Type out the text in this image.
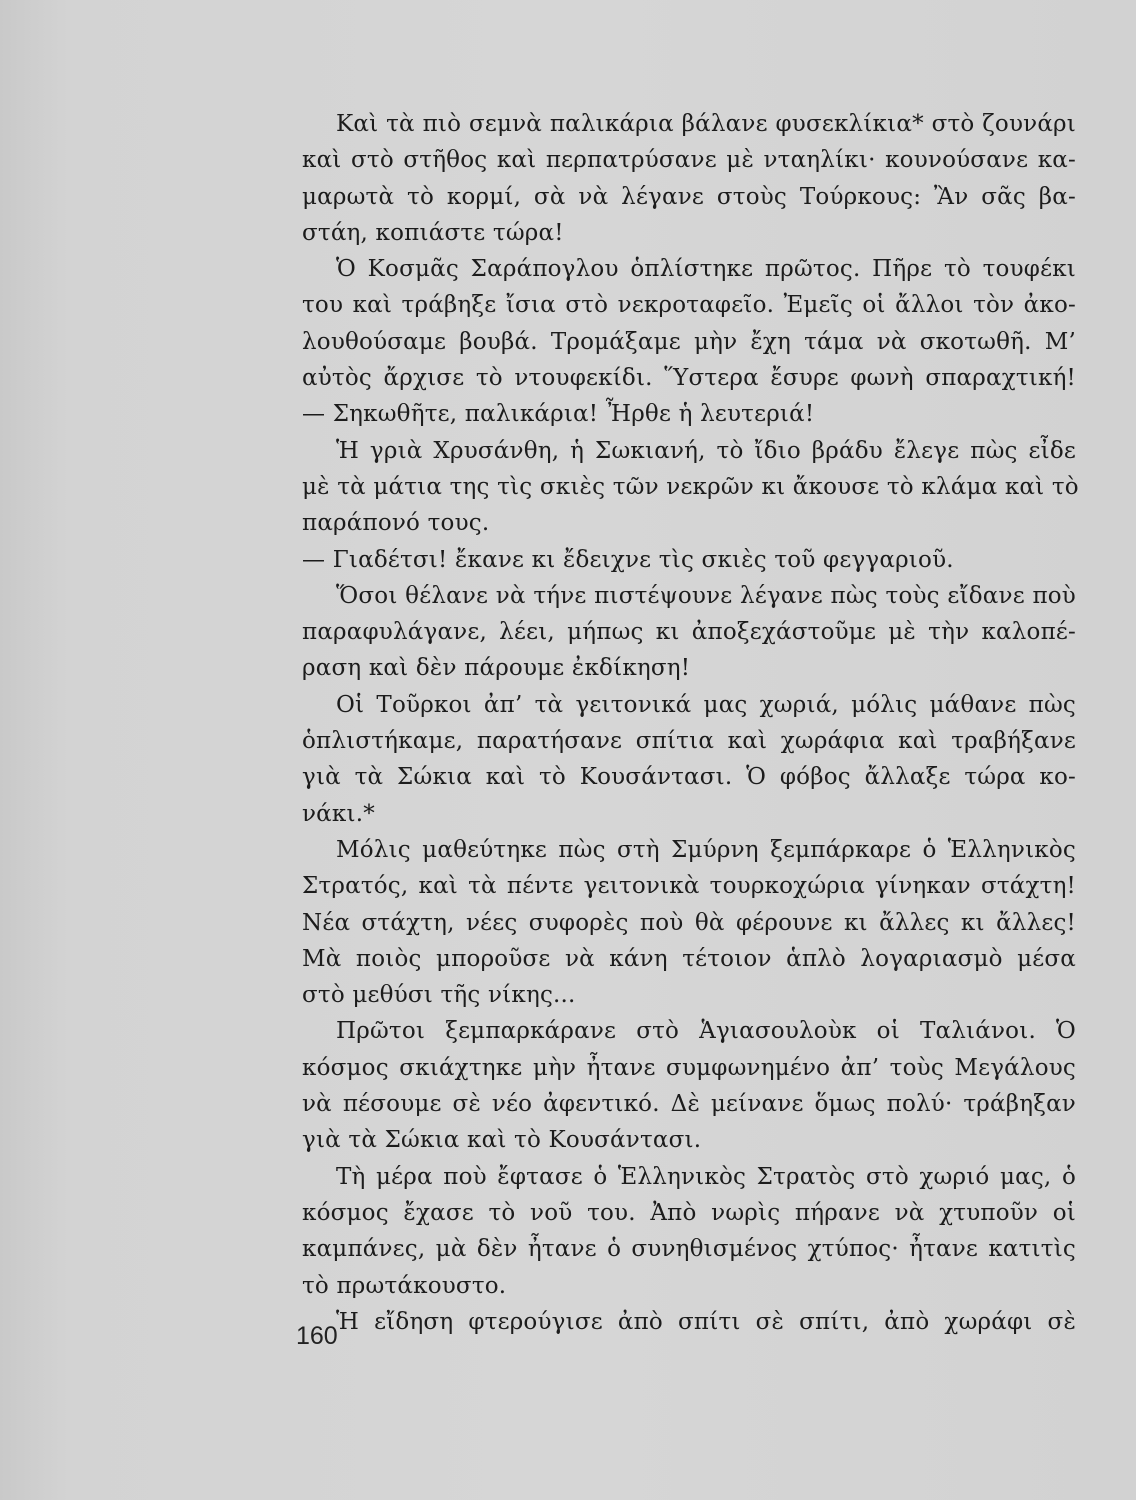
Καὶ τὰ πιὸ σεμνὰ παλικάρια βάλανε φυσεκλίκια* στὸ ζουνάρι
καὶ στὸ στῆθος καὶ περπατρύσανε μὲ νταηλίκι· κουνούσανε κα-
μαρωτὰ τὸ κορμί, σὰ νὰ λέγανε στοὺς Τούρκους: Ἂν σᾶς βα-
στάη, κοπιάστε τώρα!
Ὁ Κοσμᾶς Σαράπογλου ὁπλίστηκε πρῶτος. Πῆρε τὸ τουφέκι
του καὶ τράβηξε ἴσια στὸ νεκροταφεῖο. Ἐμεῖς οἱ ἄλλοι τὸν ἀκο-
λουθούσαμε βουβά. Τρομάξαμε μὴν ἔχη τάμα νὰ σκοτωθῆ. Μ’
αὐτὸς ἄρχισε τὸ ντουφεκίδι. Ὕστερα ἔσυρε φωνὴ σπαραχτική!
— Σηκωθῆτε, παλικάρια! Ἦρθε ἡ λευτεριά!
Ἡ γριὰ Χρυσάνθη, ἡ Σωκιανή, τὸ ἴδιο βράδυ ἔλεγε πὼς εἶδε
μὲ τὰ μάτια της τὶς σκιὲς τῶν νεκρῶν κι ἄκουσε τὸ κλάμα καὶ τὸ
παράπονό τους.
— Γιαδέτσι! ἔκανε κι ἔδειχνε τὶς σκιὲς τοῦ φεγγαριοῦ.
Ὅσοι θέλανε νὰ τήνε πιστέψουνε λέγανε πὼς τοὺς εἴδανε ποὺ
παραφυλάγανε, λέει, μήπως κι ἀποξεχάστοῦμε μὲ τὴν καλοπέ-
ραση καὶ δὲν πάρουμε ἐκδίκηση!
Οἱ Τοῦρκοι ἀπ’ τὰ γειτονικά μας χωριά, μόλις μάθανε πὼς
ὁπλιστήκαμε, παρατήσανε σπίτια καὶ χωράφια καὶ τραβήξανε
γιὰ τὰ Σώκια καὶ τὸ Κουσάντασι. Ὁ φόβος ἄλλαξε τώρα κο-
νάκι.*
Μόλις μαθεύτηκε πὼς στὴ Σμύρνη ξεμπάρκαρε ὁ Ἑλληνικὸς
Στρατός, καὶ τὰ πέντε γειτονικὰ τουρκοχώρια γίνηκαν στάχτη!
Νέα στάχτη, νέες συφορὲς ποὺ θὰ φέρουνε κι ἄλλες κι ἄλλες!
Μὰ ποιὸς μποροῦσε νὰ κάνη τέτοιον ἁπλὸ λογαριασμὸ μέσα
στὸ μεθύσι τῆς νίκης...
Πρῶτοι ξεμπαρκάρανε στὸ Ἁγιασουλοὺκ οἱ Ταλιάνοι. Ὁ
κόσμος σκιάχτηκε μὴν ἦτανε συμφωνημένο ἀπ’ τοὺς Μεγάλους
νὰ πέσουμε σὲ νέο ἀφεντικό. Δὲ μείνανε ὅμως πολύ· τράβηξαν
γιὰ τὰ Σώκια καὶ τὸ Κουσάντασι.
Τὴ μέρα ποὺ ἔφτασε ὁ Ἑλληνικὸς Στρατὸς στὸ χωριό μας, ὁ
κόσμος ἔχασε τὸ νοῦ του. Ἀπὸ νωρὶς πήρανε νὰ χτυποῦν οἱ
καμπάνες, μὰ δὲν ἦτανε ὁ συνηθισμένος χτύπος· ἦτανε κατιτὶς
τὸ πρωτάκουστο.
Ἡ εἴδηση φτερούγισε ἀπὸ σπίτι σὲ σπίτι, ἀπὸ χωράφι σὲ
160
